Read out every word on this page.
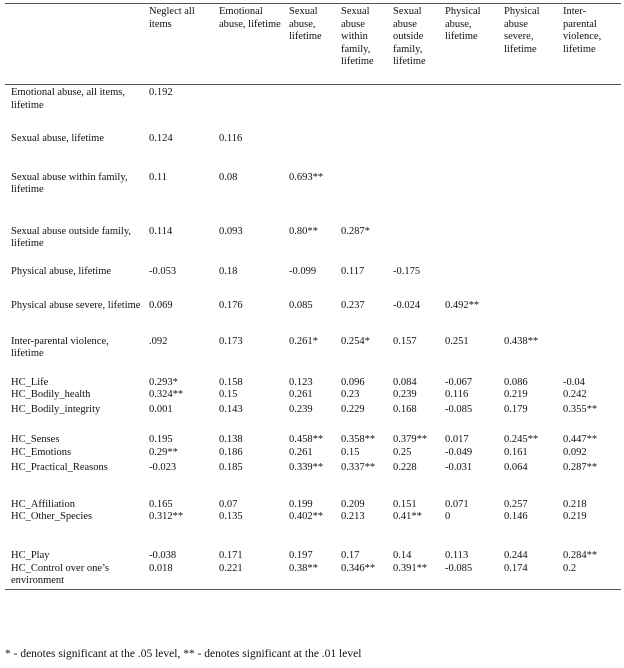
	Neglect all items	Emotional abuse, lifetime	Sexual abuse, lifetime	Sexual abuse within family, lifetime	Sexual abuse outside family, lifetime	Physical abuse, lifetime	Physical abuse severe, lifetime	Inter-parental violence, lifetime
Emotional abuse, all items, lifetime	0.192							
Sexual abuse, lifetime	0.124	0.116						
Sexual abuse within family, lifetime	0.11	0.08	0.693**					
Sexual abuse outside family, lifetime	0.114	0.093	0.80**	0.287*				
Physical abuse, lifetime	-0.053	0.18	-0.099	0.117	-0.175			
Physical abuse severe, lifetime	0.069	0.176	0.085	0.237	-0.024	0.492**		
Inter-parental violence, lifetime	.092	0.173	0.261*	0.254*	0.157	0.251	0.438**	
HC_Life	0.293*	0.158	0.123	0.096	0.084	-0.067	0.086	-0.04
HC_Bodily_health	0.324**	0.15	0.261	0.23	0.239	0.116	0.219	0.242
HC_Bodily_integrity	0.001	0.143	0.239	0.229	0.168	-0.085	0.179	0.355**
HC_Senses	0.195	0.138	0.458**	0.358**	0.379**	0.017	0.245**	0.447**
HC_Emotions	0.29**	0.186	0.261	0.15	0.25	-0.049	0.161	0.092
HC_Practical_Reasons	-0.023	0.185	0.339**	0.337**	0.228	-0.031	0.064	0.287**
HC_Affiliation	0.165	0.07	0.199	0.209	0.151	0.071	0.257	0.218
HC_Other_Species	0.312**	0.135	0.402**	0.213	0.41**	0	0.146	0.219
HC_Play	-0.038	0.171	0.197	0.17	0.14	0.113	0.244	0.284**
HC_Control over one’s environment	0.018	0.221	0.38**	0.346**	0.391**	-0.085	0.174	0.2
* - denotes significant at the .05 level, ** - denotes significant at the .01 level
